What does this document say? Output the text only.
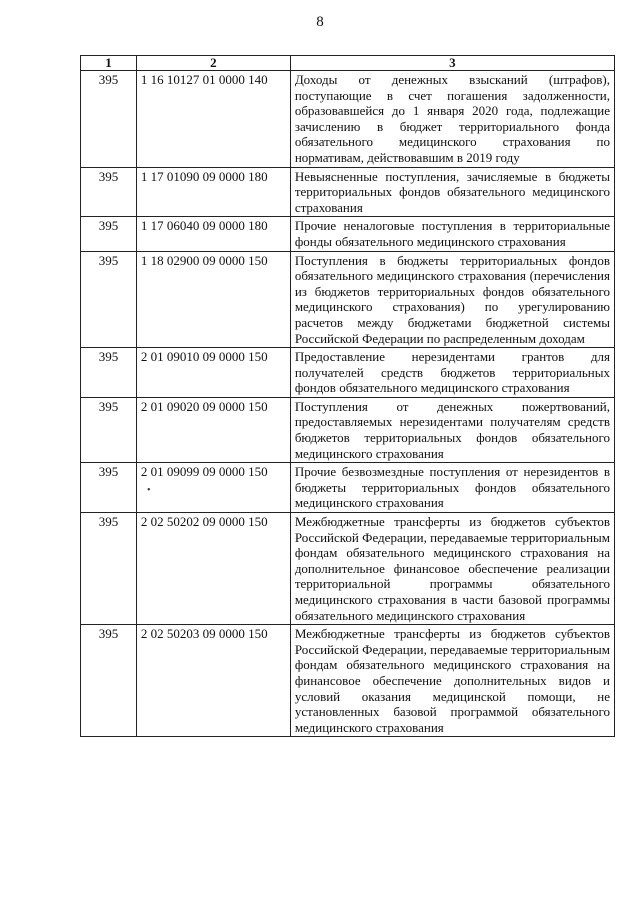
8
1	2	3
395	1 16 10127 01 0000 140	Доходы от денежных взысканий (штрафов), поступающие в счет погашения задолженности, образовавшейся до 1 января 2020 года, подлежащие зачислению в бюджет территориального фонда обязательного медицинского страхования по нормативам, действовавшим в 2019 году
395	1 17 01090 09 0000 180	Невыясненные поступления, зачисляемые в бюджеты территориальных фондов обязательного медицинского страхования
395	1 17 06040 09 0000 180	Прочие неналоговые поступления в территориальные фонды обязательного медицинского страхования
395	1 18 02900 09 0000 150	Поступления в бюджеты территориальных фондов обязательного медицинского страхования (перечисления из бюджетов территориальных фондов обязательного медицинского страхования) по урегулированию расчетов между бюджетами бюджетной системы Российской Федерации по распределенным доходам
395	2 01 09010 09 0000 150	Предоставление нерезидентами грантов для получателей средств бюджетов территориальных фондов обязательного медицинского страхования
395	2 01 09020 09 0000 150	Поступления от денежных пожертвований, предоставляемых нерезидентами получателям средств бюджетов территориальных фондов обязательного медицинского страхования
395	2 01 09099 09 0000 150	Прочие безвозмездные поступления от нерезидентов в бюджеты территориальных фондов обязательного медицинского страхования
395	2 02 50202 09 0000 150	Межбюджетные трансферты из бюджетов субъектов Российской Федерации, передаваемые территориальным фондам обязательного медицинского страхования на дополнительное финансовое обеспечение реализации территориальной программы обязательного медицинского страхования в части базовой программы обязательного медицинского страхования
395	2 02 50203 09 0000 150	Межбюджетные трансферты из бюджетов субъектов Российской Федерации, передаваемые территориальным фондам обязательного медицинского страхования на финансовое обеспечение дополнительных видов и условий оказания медицинской помощи, не установленных базовой программой обязательного медицинского страхования
•
